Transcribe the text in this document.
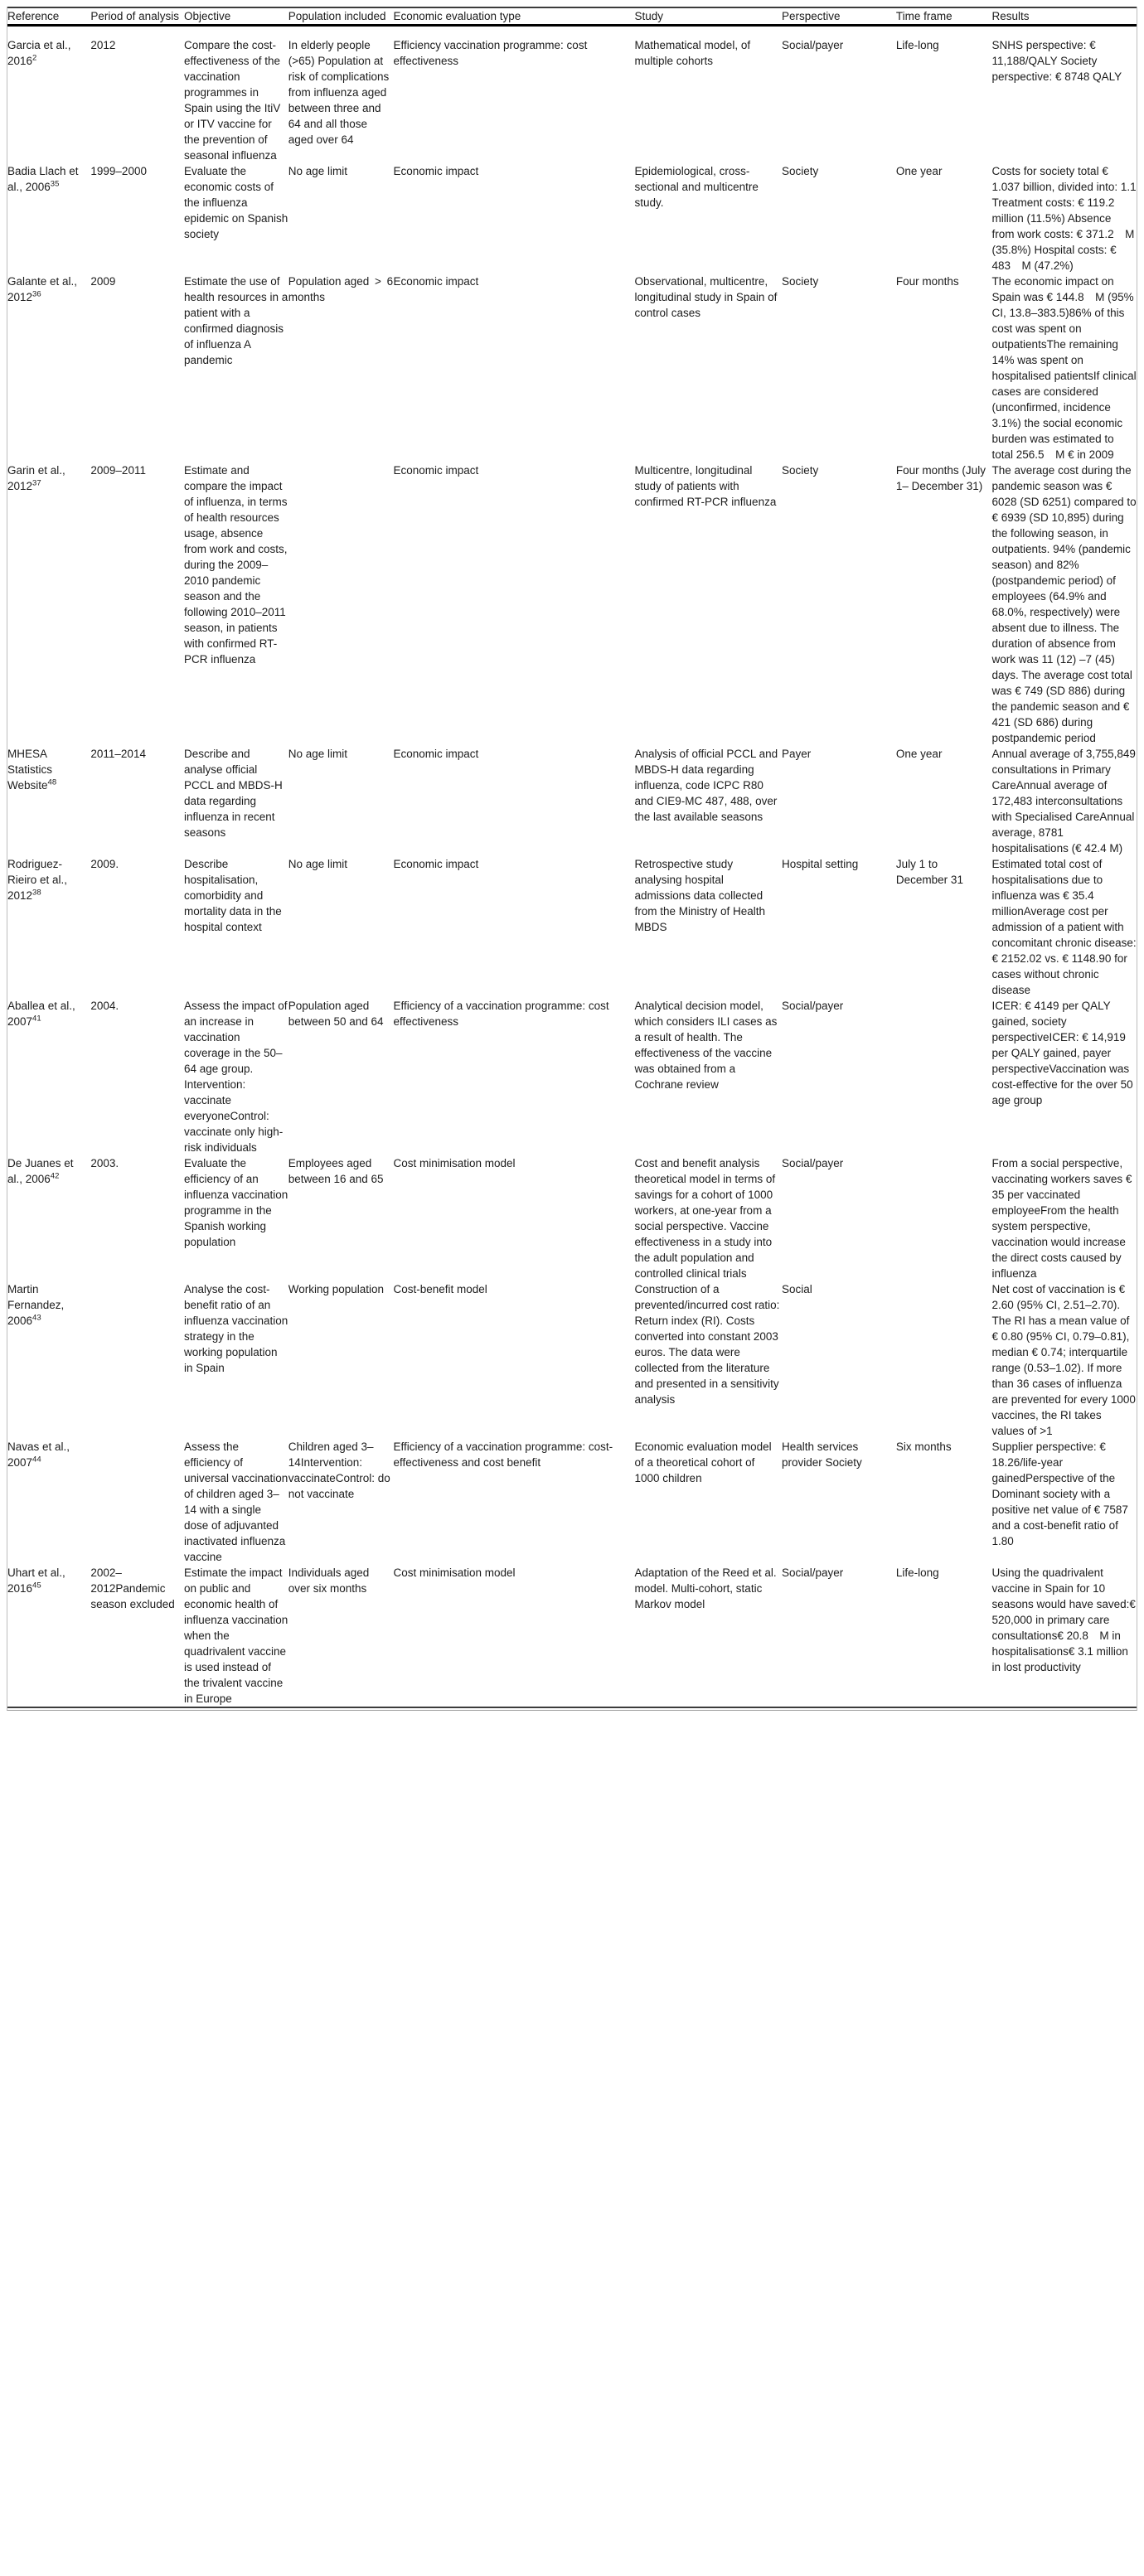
Reference	Period of analysis	Objective	Population included	Economic evaluation type	Study	Perspective	Time frame	Results
Garcia et al., 2016$^2$	2012	Compare the cost-effectiveness of the vaccination programmes in Spain using the ItiV or ITV vaccine for the prevention of seasonal influenza	In elderly people (>65) Population at risk of complications from influenza aged between three and 64 and all those aged over 64	Efficiency vaccination programme: cost effectiveness	Mathematical model, of multiple cohorts	Social/payer	Life-long	SNHS perspective: € 11,188/QALY Society perspective: € 8748 QALY
Badia Llach et al., 2006$^{35}$	1999–2000	Evaluate the economic costs of the influenza epidemic on Spanish society	No age limit	Economic impact	Epidemiological, cross-sectional and multicentre study.	Society	One year	Costs for society total € 1.037 billion, divided into: 1.1 Treatment costs: € 119.2 million (11.5%) Absence from work costs: € 371.2  M (35.8%) Hospital costs: € 483  M (47.2%)
Galante et al., 2012$^{36}$	2009	Estimate the use of health resources in a patient with a confirmed diagnosis of influenza A pandemic	Population aged > 6 months	Economic impact	Observational, multicentre, longitudinal study in Spain of control cases	Society	Four months	The economic impact on Spain was € 144.8  M (95% CI, 13.8–383.5)86% of this cost was spent on outpatientsThe remaining 14% was spent on hospitalised patientsIf clinical cases are considered (unconfirmed, incidence 3.1%) the social economic burden was estimated to total 256.5  M € in 2009
Garin et al., 2012$^{37}$	2009–2011	Estimate and compare the impact of influenza, in terms of health resources usage, absence from work and costs, during the 2009–2010 pandemic season and the following 2010–2011 season, in patients with confirmed RT-PCR influenza		Economic impact	Multicentre, longitudinal study of patients with confirmed RT-PCR influenza	Society	Four months (July 1– December 31)	The average cost during the pandemic season was € 6028 (SD 6251) compared to € 6939 (SD 10,895) during the following season, in outpatients. 94% (pandemic season) and 82% (postpandemic period) of employees (64.9% and 68.0%, respectively) were absent due to illness. The duration of absence from work was 11 (12) –7 (45) days. The average cost total was € 749 (SD 886) during the pandemic season and € 421 (SD 686) during postpandemic period
MHESA Statistics Website$^{48}$	2011–2014	Describe and analyse official PCCL and MBDS-H data regarding influenza in recent seasons	No age limit	Economic impact	Analysis of official PCCL and MBDS-H data regarding influenza, code ICPC R80 and CIE9-MC 487, 488, over the last available seasons	Payer	One year	Annual average of 3,755,849 consultations in Primary CareAnnual average of 172,483 interconsultations with Specialised CareAnnual average, 8781 hospitalisations (€ 42.4 M)
Rodriguez-Rieiro et al., 2012$^{38}$	2009.	Describe hospitalisation, comorbidity and mortality data in the hospital context	No age limit	Economic impact	Retrospective study analysing hospital admissions data collected from the Ministry of Health MBDS	Hospital setting	July 1 to December 31	Estimated total cost of hospitalisations due to influenza was € 35.4 millionAverage cost per admission of a patient with concomitant chronic disease: € 2152.02 vs. € 1148.90 for cases without chronic disease
Aballea et al., 2007$^{41}$	2004.	Assess the impact of an increase in vaccination coverage in the 50–64 age group. Intervention: vaccinate everyoneControl: vaccinate only high-risk individuals	Population aged between 50 and 64	Efficiency of a vaccination programme: cost effectiveness	Analytical decision model, which considers ILI cases as a result of health. The effectiveness of the vaccine was obtained from a Cochrane review	Social/payer		ICER: € 4149 per QALY gained, society perspectiveICER: € 14,919 per QALY gained, payer perspectiveVaccination was cost-effective for the over 50 age group
De Juanes et al., 2006$^{42}$	2003.	Evaluate the efficiency of an influenza vaccination programme in the Spanish working population	Employees aged between 16 and 65	Cost minimisation model	Cost and benefit analysis theoretical model in terms of savings for a cohort of 1000 workers, at one-year from a social perspective. Vaccine effectiveness in a study into the adult population and controlled clinical trials	Social/payer		From a social perspective, vaccinating workers saves € 35 per vaccinated employeeFrom the health system perspective, vaccination would increase the direct costs caused by influenza
Martin Fernandez, 2006$^{43}$		Analyse the cost-benefit ratio of an influenza vaccination strategy in the working population in Spain	Working population	Cost-benefit model	Construction of a prevented/incurred cost ratio: Return index (RI). Costs converted into constant 2003 euros. The data were collected from the literature and presented in a sensitivity analysis	Social		Net cost of vaccination is € 2.60 (95% CI, 2.51–2.70). The RI has a mean value of € 0.80 (95% CI, 0.79–0.81), median € 0.74; interquartile range (0.53–1.02). If more than 36 cases of influenza are prevented for every 1000 vaccines, the RI takes values of >1
Navas et al., 2007$^{44}$		Assess the efficiency of universal vaccination of children aged 3–14 with a single dose of adjuvanted inactivated influenza vaccine	Children aged 3–14Intervention: vaccinateControl: do not vaccinate	Efficiency of a vaccination programme: cost-effectiveness and cost benefit	Economic evaluation model of a theoretical cohort of 1000 children	Health services provider Society	Six months	Supplier perspective: € 18.26/life-year gainedPerspective of the Dominant society with a positive net value of € 7587 and a cost-benefit ratio of 1.80
Uhart et al., 2016$^{45}$	2002– 2012Pandemic season excluded	Estimate the impact on public and economic health of influenza vaccination when the quadrivalent vaccine is used instead of the trivalent vaccine in Europe	Individuals aged over six months	Cost minimisation model	Adaptation of the Reed et al. model. Multi-cohort, static Markov model	Social/payer	Life-long	Using the quadrivalent vaccine in Spain for 10 seasons would have saved:€ 520,000 in primary care consultations€ 20.8  M in hospitalisations€ 3.1 million in lost productivity
